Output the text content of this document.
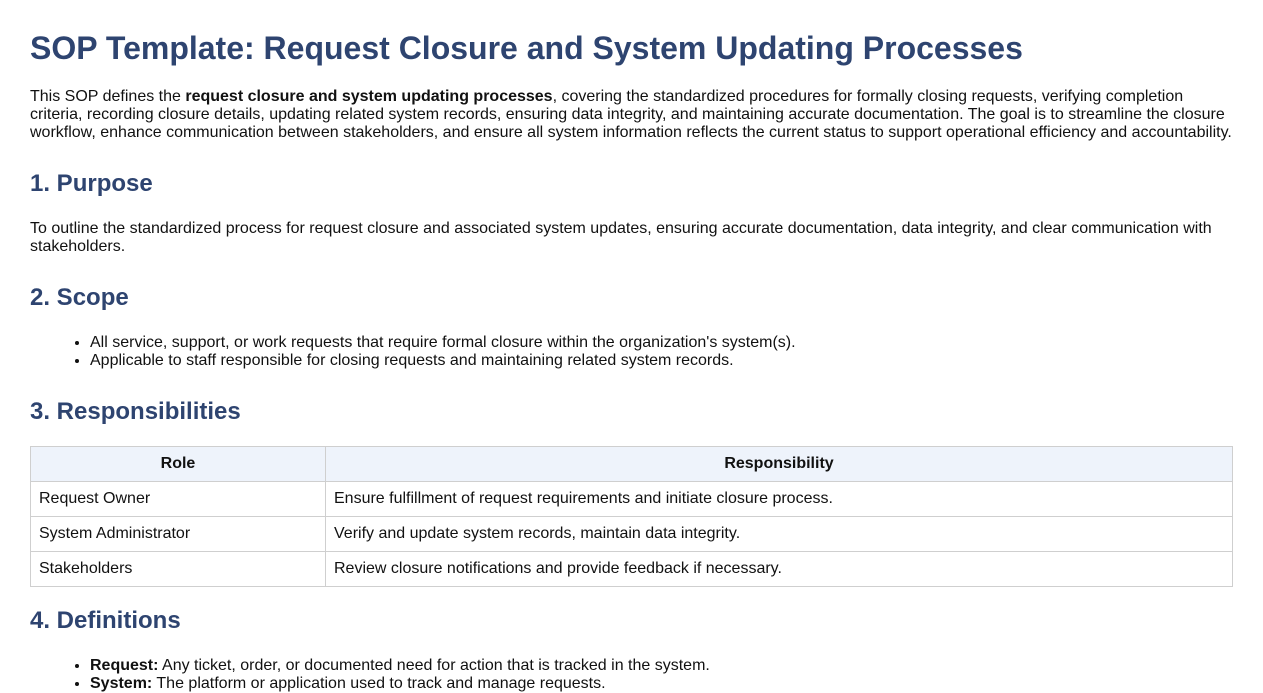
SOP Template: Request Closure and System Updating Processes

This SOP defines the request closure and system updating processes, covering the standardized procedures for formally closing requests, verifying completion criteria, recording closure details, updating related system records, ensuring data integrity, and maintaining accurate documentation. The goal is to streamline the closure workflow, enhance communication between stakeholders, and ensure all system information reflects the current status to support operational efficiency and accountability.

1. Purpose

To outline the standardized process for request closure and associated system updates, ensuring accurate documentation, data integrity, and clear communication with stakeholders.

2. Scope
• All service, support, or work requests that require formal closure within the organization's system(s).
• Applicable to staff responsible for closing requests and maintaining related system records.
3. Responsibilities
Role	Responsibility
Request Owner	Ensure fulfillment of request requirements and initiate closure process.
System Administrator	Verify and update system records, maintain data integrity.
Stakeholders	Review closure notifications and provide feedback if necessary.
4. Definitions
• Request: Any ticket, order, or documented need for action that is tracked in the system.
• System: The platform or application used to track and manage requests.
